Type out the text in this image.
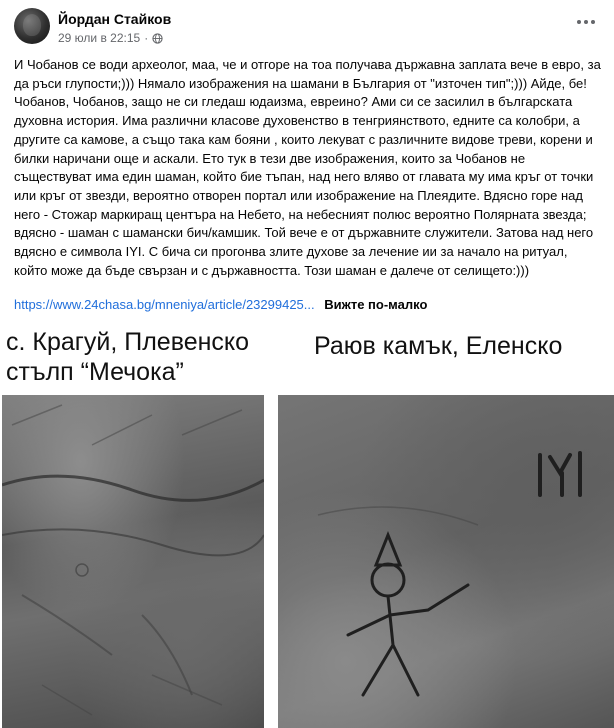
Йордан Стайков
29 юли в 22:15 ·
И Чобанов се води археолог, маа, че и отгоре на тоа получава държавна заплата вече в евро, за да ръси глупости;))) Нямало изображения на шамани в България от "източен тип";))) Айде, бе! Чобанов, Чобанов, защо не си гледаш юдаизма, евреино? Ами си се засилил в българската духовна история. Има различни класове духовенство в тенгриянството, едните са колобри, а другите са камове, а също така кам бояни , които лекуват с различните видове треви, корени и билки наричани още и аскали. Ето тук в тези две изображения, които за Чобанов не съществуват има един шаман, който бие тъпан, над него вляво от главата му има кръг от точки или кръг от звезди, вероятно отворен портал или изображение на Плеядите. Вдясно горе над него - Стожар маркиращ центъра на Небето, на небесният полюс вероятно Полярната звезда; вдясно - шаман с шамански бич/камшик. Той вече е от държавните служители. Затова над него вдясно е символа IYI. С бича си прогонва злите духове за лечение ии за начало на ритуал, който може да бъде свързан и с държавността. Този шаман е далече от селището:)))
https://www.24chasa.bg/mneniya/article/23299425... Вижте по-малко
с. Крагуй, Плевенско
стълп “Мечока”
Раюв камък, Еленско
